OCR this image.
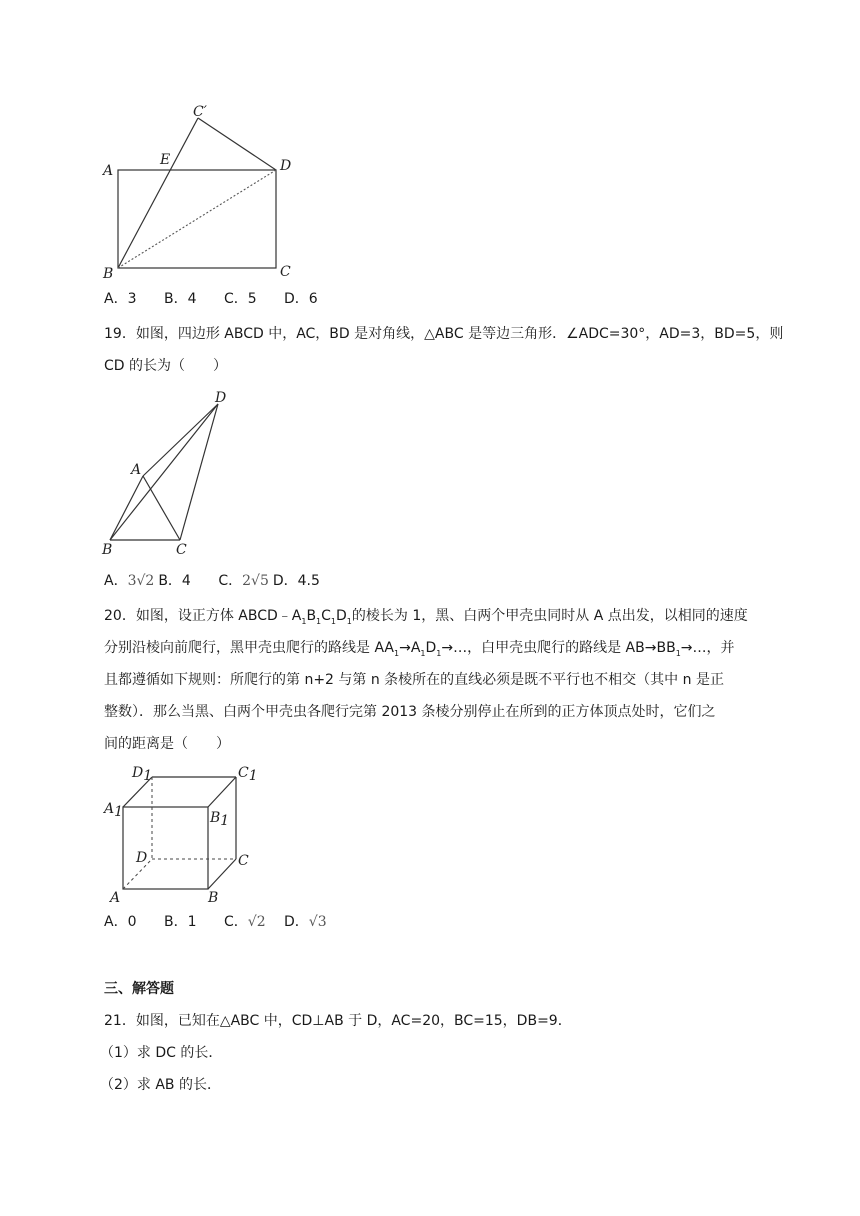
C′
E
A	D
B	C
A．3 B．4 C．5 D．6
19．如图，四边形 ABCD 中，AC，BD 是对角线，△ABC 是等边三角形．∠ADC=30°，AD=3，BD=5，则
CD 的长为（　　）
D
A
B	C
A．3√2 B．4 C．2√5 D．4.5
20．如图，设正方体 $ABCD﹣A_1B_1C_1D_1$的棱长为 1，黑、白两个甲壳虫同时从 A 点出发，以相同的速度
分别沿棱向前爬行，黑甲壳虫爬行的路线是 $AA_1\to A_1D_1\to\dots$，白甲壳虫爬行的路线是 $AB\to BB_1\to\dots$，并
且都遵循如下规则：所爬行的第 n+2 与第 n 条棱所在的直线必须是既不平行也不相交（其中 n 是正
整数）．那么当黑、白两个甲壳虫各爬行完第 2013 条棱分别停止在所到的正方体顶点处时，它们之
间的距离是（　　）
D1	C1
A1	B1
D	C
A	B
A．0 B．1 C．√2 D．√3
三、解答题
21．如图，已知在△ABC 中，CD⊥AB 于 D，AC=20，BC=15，DB=9．
（1）求 DC 的长．
（2）求 AB 的长．
